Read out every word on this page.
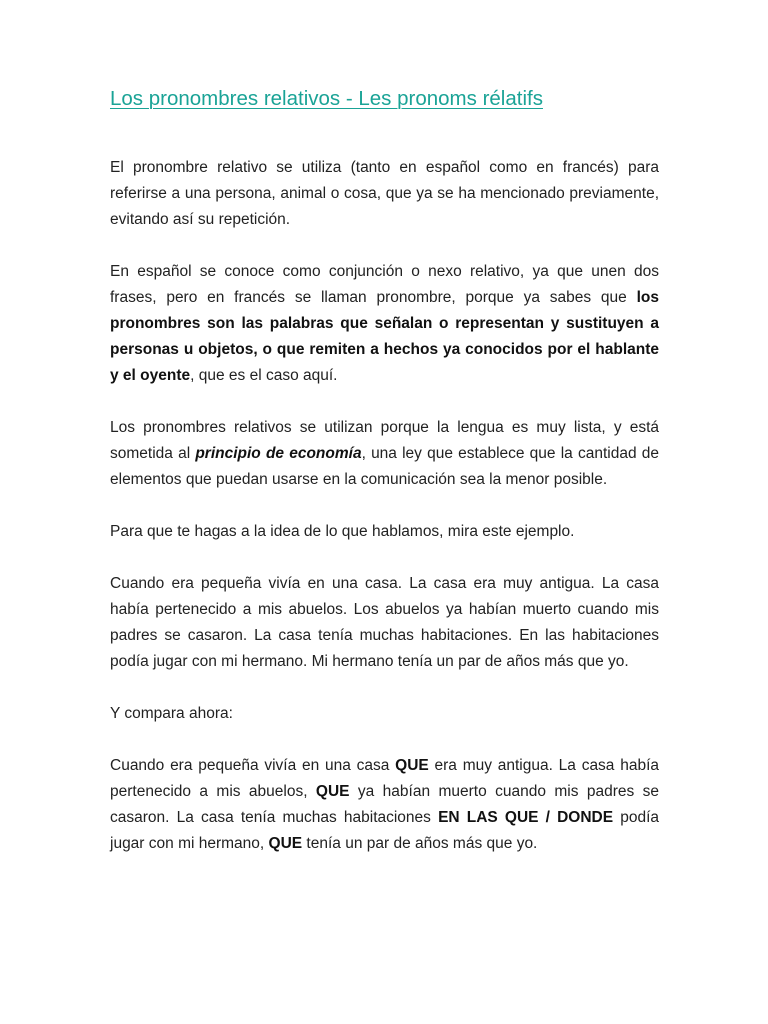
Los pronombres relativos - Les pronoms rélatifs

El pronombre relativo se utiliza (tanto en español como en francés) para referirse a una persona, animal o cosa, que ya se ha mencionado previamente, evitando así su repetición.

En español se conoce como conjunción o nexo relativo, ya que unen dos frases, pero en francés se llaman pronombre, porque ya sabes que los pronombres son las palabras que señalan o representan y sustituyen a personas u objetos, o que remiten a hechos ya conocidos por el hablante y el oyente, que es el caso aquí.

Los pronombres relativos se utilizan porque la lengua es muy lista, y está sometida al principio de economía, una ley que establece que la cantidad de elementos que puedan usarse en la comunicación sea la menor posible.

Para que te hagas a la idea de lo que hablamos, mira este ejemplo.

Cuando era pequeña vivía en una casa. La casa era muy antigua. La casa había pertenecido a mis abuelos. Los abuelos ya habían muerto cuando mis padres se casaron. La casa tenía muchas habitaciones. En las habitaciones podía jugar con mi hermano. Mi hermano tenía un par de años más que yo.

Y compara ahora:

Cuando era pequeña vivía en una casa QUE era muy antigua. La casa había pertenecido a mis abuelos, QUE ya habían muerto cuando mis padres se casaron. La casa tenía muchas habitaciones EN LAS QUE / DONDE podía jugar con mi hermano, QUE tenía un par de años más que yo.
